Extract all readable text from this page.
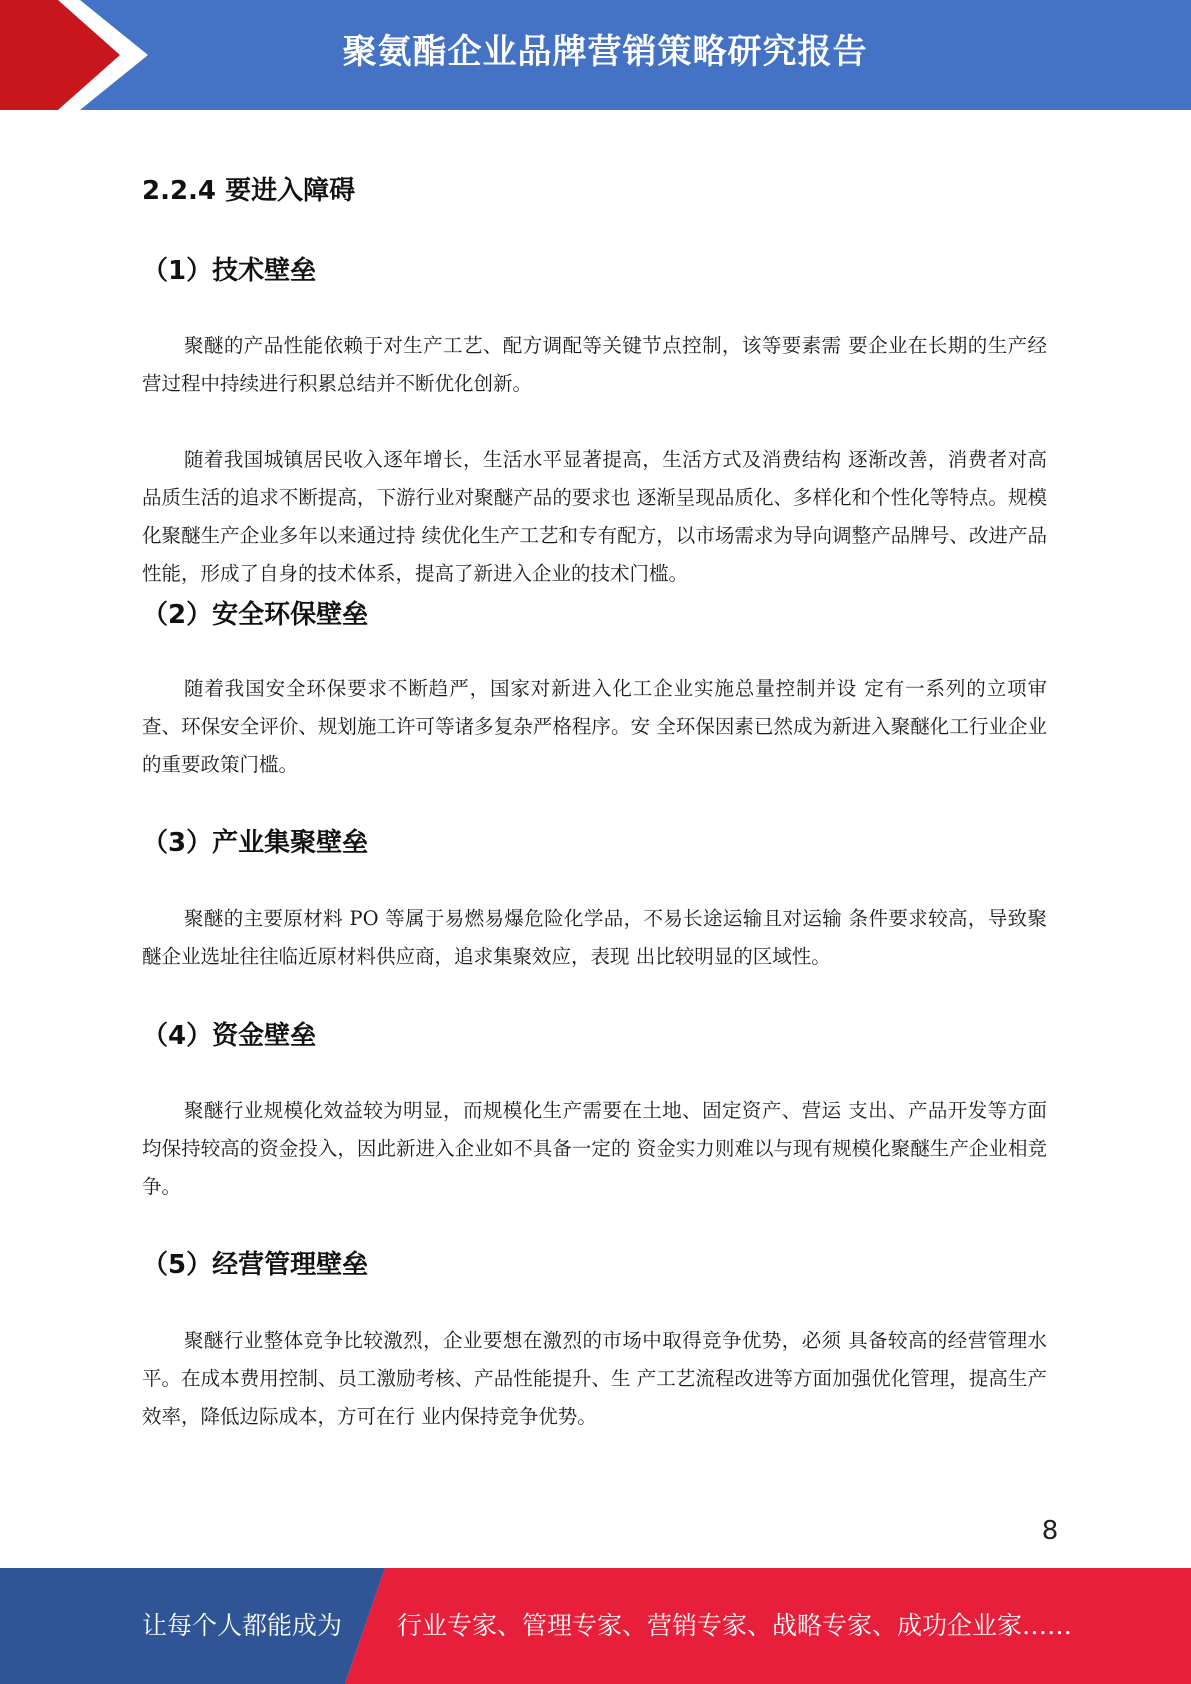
聚氨酯企业品牌营销策略研究报告
2.2.4 要进入障碍
（1）技术壁垒

聚醚的产品性能依赖于对生产工艺、配方调配等关键节点控制，该等要素需 要企业在长期的生产经营过程中持续进行积累总结并不断优化创新。

随着我国城镇居民收入逐年增长，生活水平显著提高，生活方式及消费结构 逐渐改善，消费者对高品质生活的追求不断提高，下游行业对聚醚产品的要求也 逐渐呈现品质化、多样化和个性化等特点。规模化聚醚生产企业多年以来通过持 续优化生产工艺和专有配方，以市场需求为导向调整产品牌号、改进产品性能，形成了自身的技术体系，提高了新进入企业的技术门槛。

（2）安全环保壁垒

随着我国安全环保要求不断趋严，国家对新进入化工企业实施总量控制并设 定有一系列的立项审查、环保安全评价、规划施工许可等诸多复杂严格程序。安 全环保因素已然成为新进入聚醚化工行业企业的重要政策门槛。

（3）产业集聚壁垒

聚醚的主要原材料 PO 等属于易燃易爆危险化学品，不易长途运输且对运输 条件要求较高，导致聚醚企业选址往往临近原材料供应商，追求集聚效应，表现 出比较明显的区域性。

（4）资金壁垒

聚醚行业规模化效益较为明显，而规模化生产需要在土地、固定资产、营运 支出、产品开发等方面均保持较高的资金投入，因此新进入企业如不具备一定的 资金实力则难以与现有规模化聚醚生产企业相竞争。

（5）经营管理壁垒

聚醚行业整体竞争比较激烈，企业要想在激烈的市场中取得竞争优势，必须 具备较高的经营管理水平。在成本费用控制、员工激励考核、产品性能提升、生 产工艺流程改进等方面加强优化管理，提高生产效率，降低边际成本，方可在行 业内保持竞争优势。

8
让每个人都能成为 行业专家、管理专家、营销专家、战略专家、成功企业家……
